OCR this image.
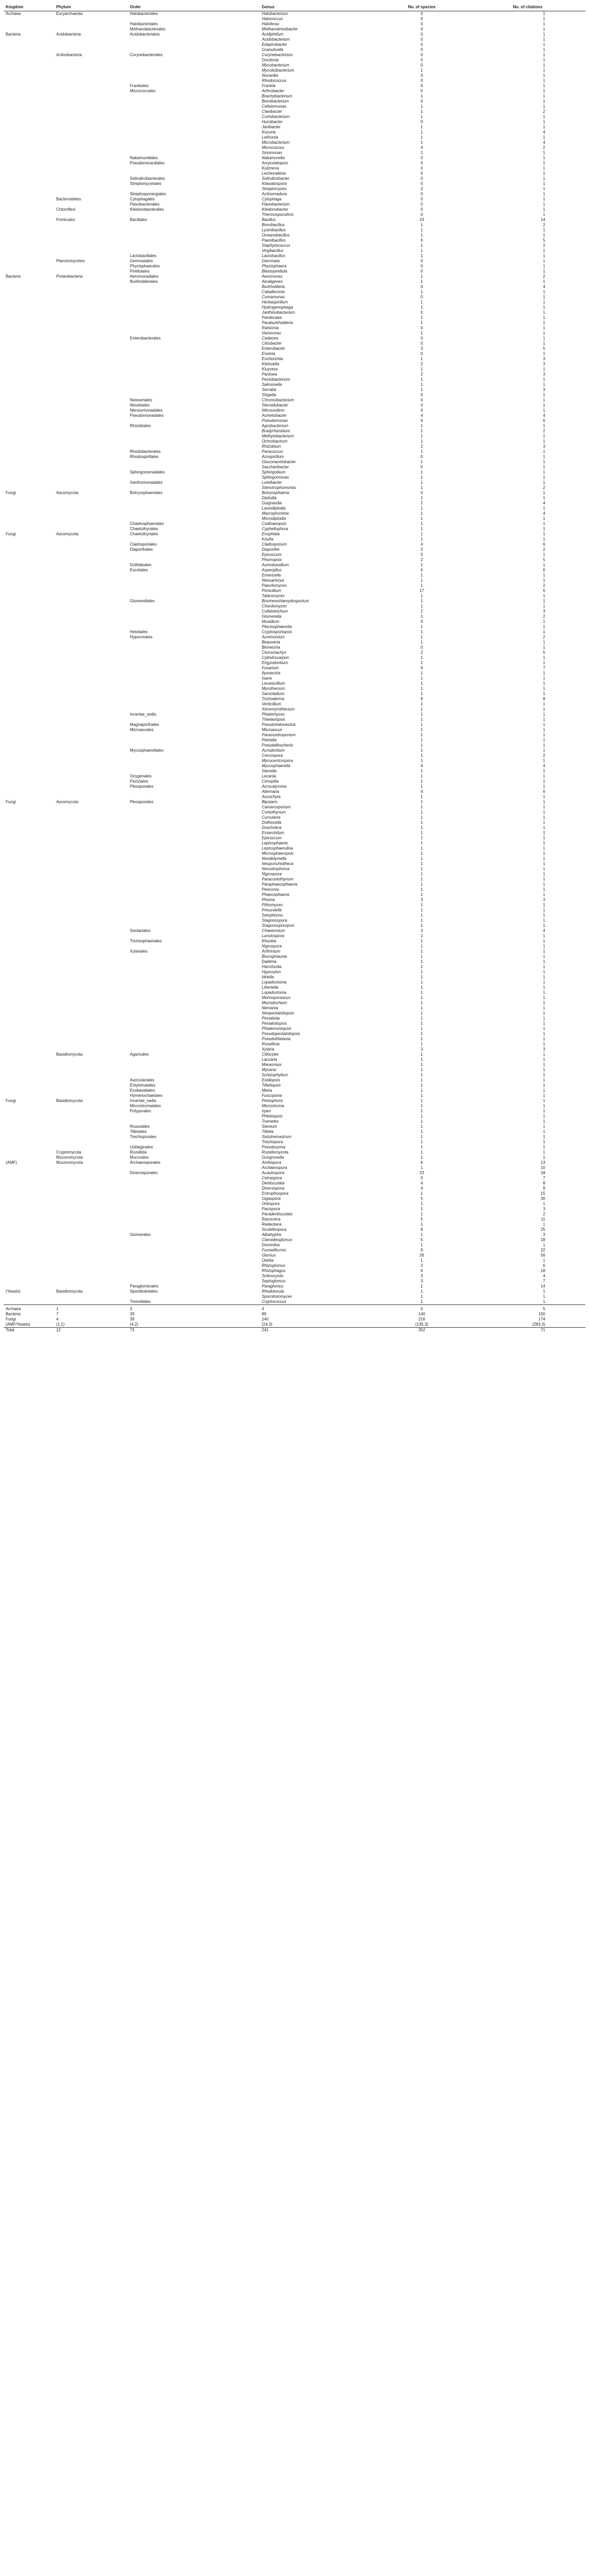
Kingdom	Phylum	Order	Genus	No. of species	No. of citations
Archaea	Euryarchaeota	Halobacteriales	Halobacterium	0	1
			Halococcus	0	1
		Halobacteriales	Haloferax	0	1
		Methanobacteriales	Methanobrevibacter	0	1
Bacteria	Acidobacteria	Acidobacteriales	Acidiphilium	0	1
			Acidobacterium	0	1
			Edaphobacter	0	1
			Granulicella	0	1
	Actinobacteria	Corynebacteriales	Corynebacterium	0	1
			Gordonia	0	1
			Mycobacterium	0	1
			Mycolicibacterium	1	1
			Nocardia	0	1
			Rhodococcus	0	1
		Frankiales	Frankia	0	1
		Micrococcales	Arthrobacter	0	1
			Brachybacterium	1	1
			Brevibacterium	0	1
			Cellulomonas	1	1
			Clavibacter	1	2
			Curtobacterium	1	1
			Humibacter	0	1
			Janibacter	1	1
			Kocuria	1	4
			Leifsonia	1	1
			Microbacterium	1	4
			Micrococcus	4	2
			Sinomonas	1	1
		Nakamurellales	Nakamurella	0	1
		Pseudonocardiales	Amycolatopsis	0	1
			Kutzneria	0	1
			Lechevalieria	0	1
		Solirubrobacterales	Solirubrobacter	0	1
		Streptomycetales	Kitasatospora	0	1
			Streptomyces	2	1
		Streptosporangiales	Actinomadura	0	1
	Bacteroidetes	Cytophagales	Cytophaga	0	1
		Flavobacteriales	Flavobacterium	0	1
	Chloroflexi	Ktedonobacterales	Ktedonobacter	0	1
			Thermosporothrix	0	1
	Firmicutes	Bacillales	Bacillus	23	14
			Brevibacillus	1	2
			Lysinibacillus	1	1
			Oceanobacillus	1	1
			Paenibacillus	6	5
			Staphylococcus	1	2
			Virgibacillus	1	1
		Lactobacillales	Lactobacillus	1	1
	Planctomycetes	Gemmatales	Gemmata	0	1
		Phycisphaerales	Phycisphaera	0	1
		Pirellulales	Blastopirellula	0	1
Bacteria	Proteobacteria	Aeromonadales	Aeromonas	1	2
		Burkholderiales	Alcaligenes	1	1
			Burkholderia	4	4
			Caballeronia	1	1
			Comamonas	0	1
			Herbaspirillum	1	1
			Hydrogenophaga	1	1
			Janthinobacterium	0	1
			Pandoraea	1	1
			Paraburkholderia	1	1
			Ralstonia	0	1
			Variovorax	1	1
		Enterobacterales	Cedecea	0	1
			Citrobacter	0	1
			Enterobacter	3	5
			Erwinia	0	1
			Escherichia	1	3
			Klebsiella	2	3
			Kluyvera	1	1
			Pantoea	2	3
			Pectobacterium	1	1
			Salmonella	1	1
			Serratia	1	3
			Shigella	0	1
		Neisseriales	Chromobacterium	0	1
		Nevskiales	Steroidobacter	0	1
		Nitrosomonadales	Nitrosovibrio	0	1
		Pseudomonadales	Acinetobacter	4	4
			Pseudomonas	6	6
		Rhizobiales	Agrobacterium	1	1
			Bradyrhizobium	1	2
			Methylobacterium	1	1
			Ochrobactrum	1	1
			Rhizobium	2	3
		Rhodobacterales	Paracoccus	1	1
		Rhodospirillales	Azospirillum	0	1
			Gluconacetobacter	1	1
			Saccharibacter	0	1
		Sphingomonadales	Sphingobium	1	1
			Sphingomonas	1	1
		Xanthomonadales	Luteibacter	1	1
			Stenotrophomonas	1	2
Fungi	Ascomycota	Botryosphaeriales	Botryosphaeria	0	1
			Diplodia	1	1
			Guignardia	2	4
			Lasiodiplodia	1	1
			Macrophomina	1	4
			Microdiplodia	1	1
		Chaetosphaeriales	Codinaeopsis	1	1
		Chaetothyriales	Cyphellophora	1	1
Fungi	Ascomycota	Chaetothyriales	Exophiala	1	1
			Knufia	1	1
		Cladosporiales	Cladosporium	4	6
		Diaporthales	Diaporthe	2	2
			Epicoccum	0	1
			Phomopsis	2	5
		Dothideales	Aureobasidium	1	1
		Eurotiales	Aspergillus	6	6
			Emericella	1	1
			Neosartorya	1	1
			Paecilomyces	1	2
			Penicillium	17	6
			Talaromyces	1	1
		Glomerellales	Brunneochlamydosporium	1	1
			Chordomyces	1	1
			Colletotrichum	2	3
			Glomerella	1	2
			Musidium	0	1
			Plectosphaerella	1	1
		Helotiales	Cryptosporiopsis	1	1
		Hypocreales	Acremonium	1	2
			Beauveria	1	1
			Bionectria	0	1
			Clonostachys	2	5
			Cylindrocarpon	1	1
			Engyodontium	1	1
			Fusarium	9	7
			Ilyonectria	1	1
			Isaria	1	1
			Lecanicillium	1	1
			Myrothecium	1	1
			Sarocladium	1	1
			Trichoderma	9	8
			Verticillium	1	1
			Xenomyrothecium	1	1
		Incertae_sedis	Phialomyces	1	1
			Thielaviopsis	1	1
		Magnaporthales	Pseudohalonectria	1	1
		Microascales	Microascus	1	1
			Parascedosporium	1	1
			Petriella	1	1
			Pseudallescheria	1	1
		Mycosphaerellales	Acrodontium	1	1
			Cercospora	1	2
			Mycocentrospora	1	1
			Mycosphaerella	4	4
			Stenella	1	1
		Onygenales	Lecania	1	1
		Peziziales	Cenopilia	1	1
		Pleosporales	Acrocalymma	1	1
			Alternaria	4	6
			Ascochyta	1	1
Fungi	Ascomycota	Pleosporales	Bipolaris	1	1
			Camarosporium	1	1
			Coniothyrium	1	1
			Curvularia	1	1
			Dothiorella	1	1
			Drechslera	1	1
			Exserohilum	1	1
			Epicoccum	1	1
			Leptosphaeria	1	1
			Leptosphaerulina	1	1
			Microsphaeropsis	1	1
			Neodidymella	1	1
			Neoponchiotheca	1	1
			Neosetophoma	1	1
			Nigrospora	1	1
			Paraconiothyrium	1	1
			Paraphaeosphaeria	1	1
			Periconia	1	1
			Phaeosphaeria	1	1
			Phoma	3	3
			Pithomyces	1	1
			Preussiella	1	1
			Setophoma	1	1
			Stagonospora	1	1
			Stagonosporopsis	1	1
		Sordariales	Chaetomium	3	4
			Lunulospora	1	1
		Trichosphaeriales	Khuskia	1	1
			Nigrospora	1	1
		Xylariales	Arthrinium	1	1
			Biscogniauxia	1	1
			Daldinia	1	1
			Hansfordia	1	1
			Hypoxylon	1	1
			Idriella	1	1
			Lopadostoma	1	1
			Libertella	1	1
			Lopadostoma	1	1
			Monosporascus	1	1
			Microdochium	1	1
			Nemania	1	1
			Neopestalotiopsis	1	1
			Pestalotia	1	1
			Pestalotiopsis	1	1
			Phialemoniopsis	1	1
			Pseudopestalotiopsis	1	1
			Pseudothielavia	1	1
			Rosellinia	1	1
			Xylaria	3	3
	Basidiomycota	Agaricales	Clitocybe	1	1
			Laccaria	1	1
			Marasmius	1	1
			Mycena	1	1
			Schizophyllum	1	1
		Auriculariales	Exidiopsis	1	1
		Entylomatales	Tilletiopsis	1	1
		Exobasidiales	Meira	1	1
		Hymenochaetales	Fuscoporia	1	1
Fungi	Basidiomycota	Incertae_sedis	Peniophora	1	1
		Microstromatales	Microstroma	1	1
		Polyporales	Irpex	1	1
			Phlebiopsis	1	1
			Trametes	1	1
		Russulales	Stereum	1	1
		Tilletiales	Tilletia	1	1
		Trechisporales	Sistotremastrum	1	1
			Trechispora	1	1
		Ustilaginales	Pseudozyma	1	1
	Cryptomycota	Rozellida	Rozellomycota	1	1
	Mucoromycota	Mucorales	Gongronella	1	1
(AMF)	Mucoromycota	Archaeosporales	Ambispora	6	13
			Archaeospora	1	10
		Diversisporales	Acaulospora	23	34
			Cetraspora	5	7
			Dentiscutata	4	8
			Diversispora	4	9
			Entrophospora	1	15
			Gigaspora	5	30
			Orbispora	1	1
			Pacispora	1	3
			Paradentiscutata	1	2
			Racocetra	5	11
			Redeckera	1	1
			Scutellospora	8	25
		Glomerales	Albahypha	1	3
			Claroideoglomus	5	18
			Dominikia	1	1
			Funneliformis	9	22
			Glomus	26	56
			Oehlia	1	1
			Rhizoglomus	2	6
			Rhizophagus	6	18
			Sclerocystis	3	4
			Septoglomus	3	7
		Paraglomerales	Paraglomus	1	14
(Yeasts)	Basidiomycota	Sporidiobolales	Rhodotorula	1	1
			Sporobolomyces	1	1
		Tremellales	Cryptococcus	1	1
Archaea	1	3	4	0	5
Bacteria	7	29	89	140	150
Fungi	4	39	140	216	174
(AMF/Yeasts)	(1,1)	(4,2)	(24,3)	(135,3)	(283,3)
Total	12	73	241	352	71
